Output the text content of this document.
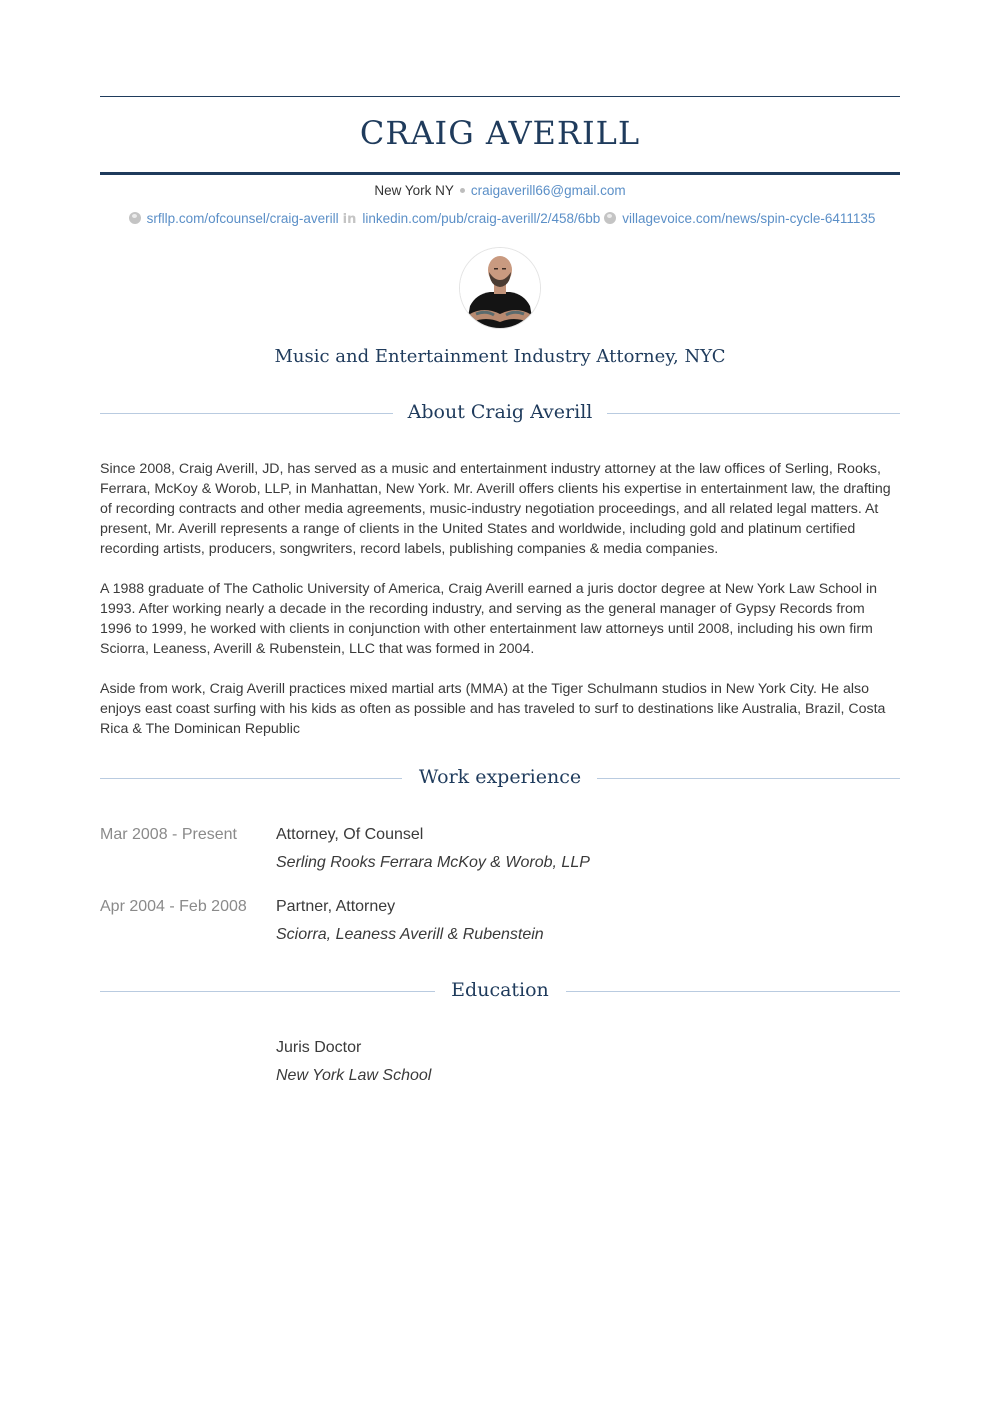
CRAIG AVERILL
New York NY craigaverill66@gmail.com
srfllp.com/ofcounsel/craig-averill in linkedin.com/pub/craig-averill/2/458/6bb villagevoice.com/news/spin-cycle-6411135
Music and Entertainment Industry Attorney, NYC
About Craig Averill
Since 2008, Craig Averill, JD, has served as a music and entertainment industry attorney at the law offices of Serling, Rooks, Ferrara, McKoy & Worob, LLP, in Manhattan, New York. Mr. Averill offers clients his expertise in entertainment law, the drafting of recording contracts and other media agreements, music-industry negotiation proceedings, and all related legal matters. At present, Mr. Averill represents a range of clients in the United States and worldwide, including gold and platinum certified recording artists, producers, songwriters, record labels, publishing companies & media companies.
A 1988 graduate of The Catholic University of America, Craig Averill earned a juris doctor degree at New York Law School in 1993. After working nearly a decade in the recording industry, and serving as the general manager of Gypsy Records from 1996 to 1999, he worked with clients in conjunction with other entertainment law attorneys until 2008, including his own firm Sciorra, Leaness, Averill & Rubenstein, LLC that was formed in 2004.
Aside from work, Craig Averill practices mixed martial arts (MMA) at the Tiger Schulmann studios in New York City. He also enjoys east coast surfing with his kids as often as possible and has traveled to surf to destinations like Australia, Brazil, Costa Rica & The Dominican Republic
Work experience
Mar 2008 - Present Attorney, Of Counsel
Serling Rooks Ferrara McKoy & Worob, LLP
Apr 2004 - Feb 2008 Partner, Attorney
Sciorra, Leaness Averill & Rubenstein
Education
Juris Doctor
New York Law School
